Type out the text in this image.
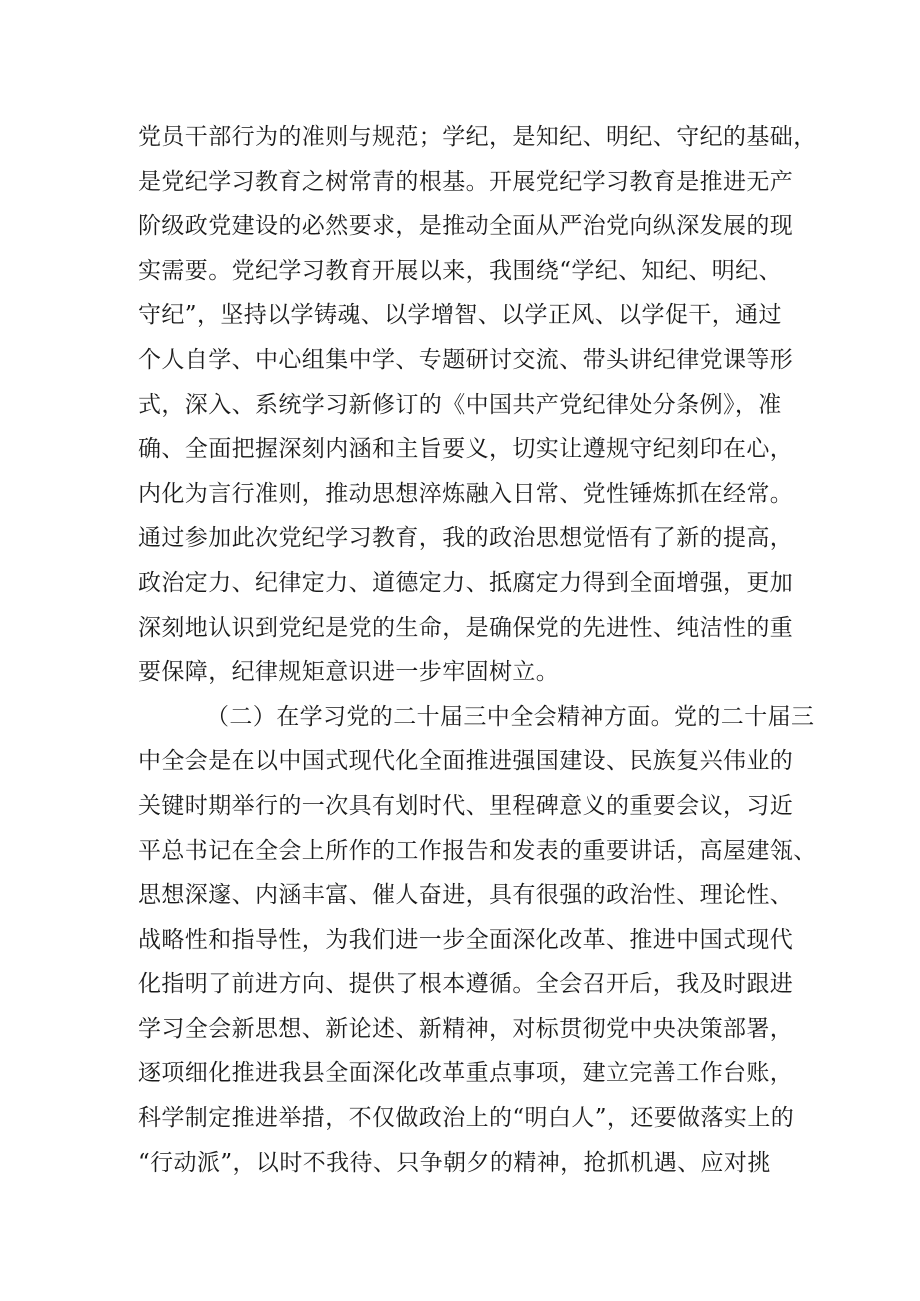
党员干部行为的准则与规范；学纪，是知纪、明纪、守纪的基础，
是党纪学习教育之树常青的根基。开展党纪学习教育是推进无产
阶级政党建设的必然要求，是推动全面从严治党向纵深发展的现
实需要。党纪学习教育开展以来，我围绕“学纪、知纪、明纪、
守纪”，坚持以学铸魂、以学增智、以学正风、以学促干，通过
个人自学、中心组集中学、专题研讨交流、带头讲纪律党课等形
式，深入、系统学习新修订的《中国共产党纪律处分条例》，准
确、全面把握深刻内涵和主旨要义，切实让遵规守纪刻印在心，
内化为言行准则，推动思想淬炼融入日常、党性锤炼抓在经常。
通过参加此次党纪学习教育，我的政治思想觉悟有了新的提高，
政治定力、纪律定力、道德定力、抵腐定力得到全面增强，更加
深刻地认识到党纪是党的生命，是确保党的先进性、纯洁性的重
要保障，纪律规矩意识进一步牢固树立。
（二）在学习党的二十届三中全会精神方面。党的二十届三
中全会是在以中国式现代化全面推进强国建设、民族复兴伟业的
关键时期举行的一次具有划时代、里程碑意义的重要会议，习近
平总书记在全会上所作的工作报告和发表的重要讲话，高屋建瓴、
思想深邃、内涵丰富、催人奋进，具有很强的政治性、理论性、
战略性和指导性，为我们进一步全面深化改革、推进中国式现代
化指明了前进方向、提供了根本遵循。全会召开后，我及时跟进
学习全会新思想、新论述、新精神，对标贯彻党中央决策部署，
逐项细化推进我县全面深化改革重点事项，建立完善工作台账，
科学制定推进举措，不仅做政治上的“明白人”，还要做落实上的
“行动派”，以时不我待、只争朝夕的精神，抢抓机遇、应对挑
